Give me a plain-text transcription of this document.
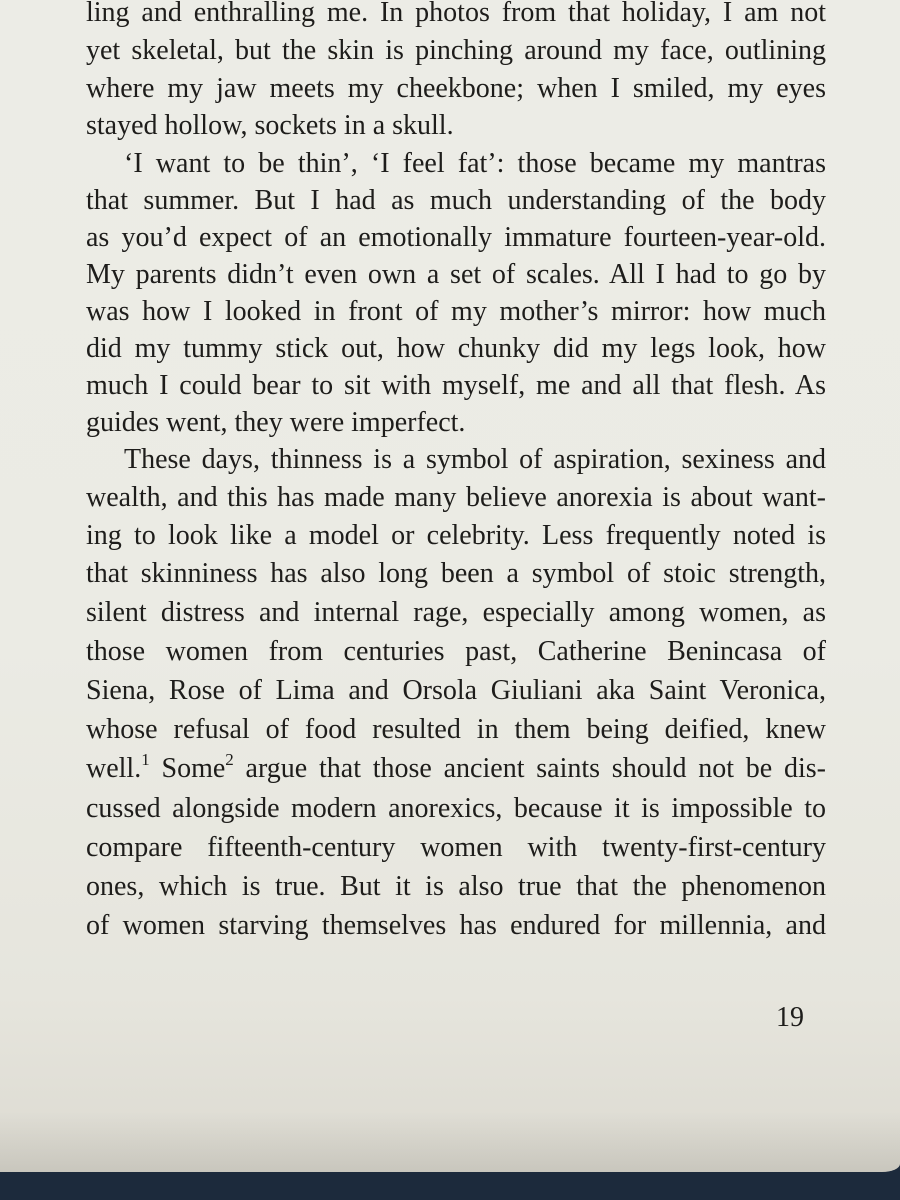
ling and enthralling me. In photos from that holiday, I am not

yet skeletal, but the skin is pinching around my face, outlining

where my jaw meets my cheekbone; when I smiled, my eyes

stayed hollow, sockets in a skull.

‘I want to be thin’, ‘I feel fat’: those became my mantras

that summer. But I had as much understanding of the body

as you’d expect of an emotionally immature fourteen-year-old.

My parents didn’t even own a set of scales. All I had to go by

was how I looked in front of my mother’s mirror: how much

did my tummy stick out, how chunky did my legs look, how

much I could bear to sit with myself, me and all that flesh. As

guides went, they were imperfect.

These days, thinness is a symbol of aspiration, sexiness and

wealth, and this has made many believe anorexia is about want-

ing to look like a model or celebrity. Less frequently noted is

that skinniness has also long been a symbol of stoic strength,

silent distress and internal rage, especially among women, as

those women from centuries past, Catherine Benincasa of

Siena, Rose of Lima and Orsola Giuliani aka Saint Veronica,

whose refusal of food resulted in them being deified, knew

well.$^1$ Some$^2$ argue that those ancient saints should not be dis-

cussed alongside modern anorexics, because it is impossible to

compare fifteenth-century women with twenty-first-century

ones, which is true. But it is also true that the phenomenon

of women starving themselves has endured for millennia, and

19
